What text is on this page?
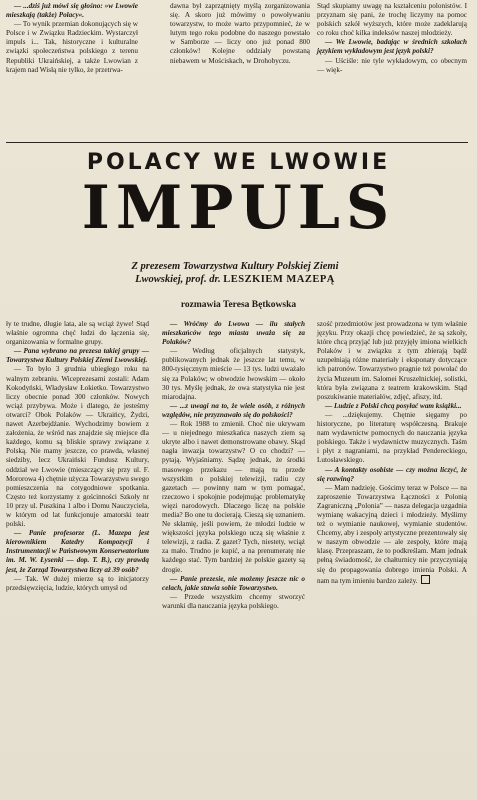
— ...dziś już mówi się głośno: »w Lwowie mieszkają (także) Polacy«.

— To wynik przemian dokonujących się w Polsce i w Związku Radzieckim. Wystarczył impuls i... Tak, historyczne i kulturalne związki społeczeństwa polskiego z terenu Republiki Ukraińskiej, a także Lwowian z krajem nad Wisłą nie tylko, że przetrwa-

dawna był zaprzątnięty myślą zorganizowania się. A skoro już mówimy o powoływaniu towarzystw, to może warto przypomnieć, że w lutym tego roku podobne do naszego powstało w Samborze — liczy ono już ponad 800 członków! Kolejne oddziały powstaną niebawem w Mościskach, w Drohobyczu.

Stąd skupiamy uwagę na kształceniu polonistów. I przyznam się pani, że trochę liczymy na pomoc polskich szkół wyższych, które może zadeklarują co roku choć kilka indeksów naszej młodzieży.

— We Lwowie, badając w średnich szkołach językiem wykładowym jest język polski?

— Uściśle: nie tyle wykładowym, co obecnym — więk-

POLACY WE LWOWIE
IMPULS
Z prezesem Towarzystwa Kultury Polskiej Ziemi
Lwowskiej, prof. dr. LESZKIEM MAZEPĄ
rozmawia Teresa Bętkowska

ły te trudne, długie lata, ale są wciąż żywe! Stąd właśnie ogromna chęć ludzi do łączenia się, organizowania w formalne grupy.

— Pana wybrano na prezesa takiej grupy — Towarzystwa Kultury Polskiej Ziemi Lwowskiej.

— To było 3 grudnia ubiegłego roku na walnym zebraniu. Wiceprezesami zostali: Adam Kokodyński, Władysław Łokietko. Towarzystwo liczy obecnie ponad 300 członków. Nowych wciąż przybywa. Może i dlatego, że jesteśmy otwarci? Obok Polaków — Ukraińcy, Żydzi, nawet Azerbejdżanie. Wychodzimy bowiem z założenia, że wśród nas znajdzie się miejsce dla każdego, komu są bliskie sprawy związane z Polską. Nie mamy jeszcze, co prawda, własnej siedziby, lecz Ukraiński Fundusz Kultury, oddział we Lwowie (mieszczący się przy ul. F. Mororowa 4) chętnie użycza Towarzystwu swego pomieszczenia na cotygodniowe spotkania. Często też korzystamy z gościnności Szkoły nr 10 przy ul. Puszkina 1 albo i Domu Nauczyciela, w którym od lat funkcjonuje amatorski teatr polski.

— Panie profesorze (L. Mazepa jest kierownikiem Katedry Kompozycji i Instrumentacji w Państwowym Konserwatorium im. M. W. Łysenki — dop. T. B.), czy prawdą jest, że Zarząd Towarzystwa liczy aż 39 osób?

— Tak. W dużej mierze są to inicjatorzy przedsięwzięcia, ludzie, których umysł od

— Wróćmy do Lwowa — ilu stałych mieszkańców tego miasta uważa się za Polaków?

— Według oficjalnych statystyk, publikowanych jednak że jeszcze lat temu, w 800-tysięcznym mieście — 13 tys. ludzi uważało się za Polaków; w obwodzie lwowskim — około 30 tys. Myślę jednak, że owa statystyka nie jest miarodajna.

— ...z uwagi na to, że wiele osób, z różnych względów, nie przyznawało się do polskości?

— Rok 1988 to zmienił. Choć nie ukrywam — u niejednego mieszkańca naszych ziem są ukryte albo i nawet demonstrowane obawy. Skąd nagła inwazja towarzystw? O co chodzi? — pytają. Wyjaśniamy. Sądzę jednak, że środki masowego przekazu — mają tu przede wszystkim o polskiej telewizji, radiu czy gazetach — powinny nam w tym pomagać, rzeczowo i spokojnie podejmując problematykę więzi narodowych. Dlaczego liczę na polskie media? Bo one tu docierają. Cieszą się uznaniem. Ne skłamię, jeśli powiem, że młodzi ludzie w większości języka polskiego uczą się właśnie z telewizji, z radia. Z gazet? Tych, niestety, wciąż za mało. Trudno je kupić, a na prenumeratę nie każdego stać. Tym bardziej że polskie gazety są drogie.

— Panie prezesie, nie możemy jeszcze nic o celach, jakie stawia sobie Towarzystwo.

— Przede wszystkim chcemy stworzyć warunki dla nauczania języka polskiego.

szość przedmiotów jest prowadzona w tym właśnie języku. Przy okazji chcę powiedzieć, że są szkoły, które chcą przyjąć lub już przyjęły imiona wielkich Polaków i w związku z tym zbierają bądź uzupełniają różne materiały i eksponaty dotyczące ich patronów. Towarzystwo pragnie też powołać do życia Muzeum im. Salomei Kruszelnickiej, solistki, która była związana z teatrem krakowskim. Stąd poszukiwanie materiałów, zdjęć, afiszy, itd.

— Ludzie z Polski chcą posyłać wam książki...

— ...dziękujemy. Chętnie sięgamy po historyczne, po literaturę współczesną. Brakuje nam wydawnictw pomocnych do nauczania języka polskiego. Także i wydawnictw muzycznych. Taśm i płyt z nagraniami, na przykład Pendereckiego, Lutosławskiego.

— A kontakty osobiste — czy można liczyć, że się rozwiną?

— Mam nadzieję. Gościmy teraz w Polsce — na zaproszenie Towarzystwa Łączności z Polonią Zagraniczną „Polonia” — nasza delegacja uzgadnia wymianę wakacyjną dzieci i młodzieży. Myślimy też o wymianie naukowej, wymianie studentów. Chcemy, aby i zespoły artystyczne prezentowały się w naszym obwodzie — ale zespoły, które mają klasę. Przepraszam, że to podkreślam. Mam jednak pełną świadomość, że chałturnicy nie przyczyniają się do propagowania dobrego imienia Polski. A nam na tym imieniu bardzo zależy.
